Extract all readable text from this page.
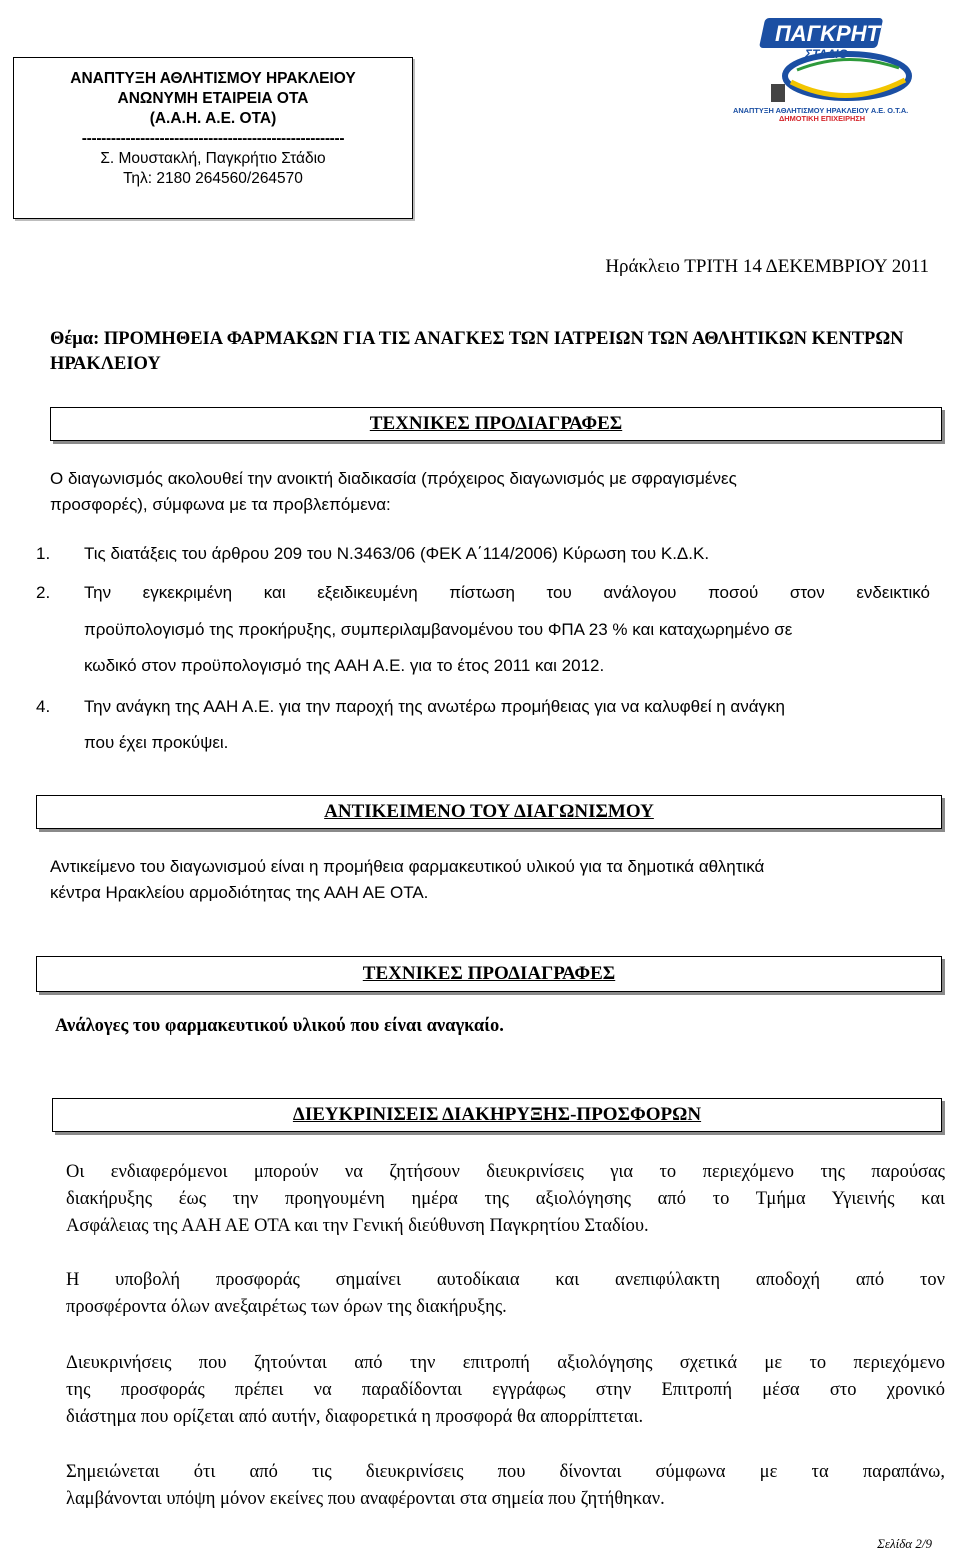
ΑΝΑΠΤΥΞΗ ΑΘΛΗΤΙΣΜΟΥ ΗΡΑΚΛΕΙΟΥ
ΑΝΩΝΥΜΗ ΕΤΑΙΡΕΙΑ ΟΤΑ
(Α.Α.Η. Α.Ε. ΟΤΑ)
------------------------------------------------------
Σ. Μουστακλή, Παγκρήτιο Στάδιο
Τηλ: 2180 264560/264570
ΠΑΓΚΡΗΤΙΟ
ΣΤΑΔΙΟ
ΑΝΑΠΤΥΞΗ ΑΘΛΗΤΙΣΜΟΥ ΗΡΑΚΛΕΙΟΥ Α.Ε. Ο.Τ.Α.
ΔΗΜΟΤΙΚΗ ΕΠΙΧΕΙΡΗΣΗ
Ηράκλειο ΤΡΙΤΗ 14 ΔΕΚΕΜΒΡΙΟΥ 2011
Θέμα: ΠΡΟΜΗΘΕΙΑ ΦΑΡΜΑΚΩΝ ΓΙΑ ΤΙΣ ΑΝΑΓΚΕΣ ΤΩΝ ΙΑΤΡΕΙΩΝ ΤΩΝ ΑΘΛΗΤΙΚΩΝ ΚΕΝΤΡΩΝ ΗΡΑΚΛΕΙΟΥ
ΤΕΧΝΙΚΕΣ ΠΡΟΔΙΑΓΡΑΦΕΣ
Ο διαγωνισμός ακολουθεί την ανοικτή διαδικασία (πρόχειρος διαγωνισμός με σφραγισμένες
προσφορές), σύμφωνα με τα προβλεπόμενα:
1. Τις διατάξεις του άρθρου 209 του Ν.3463/06 (ΦΕΚ Α΄114/2006) Κύρωση του Κ.Δ.Κ.
2. Την εγκεκριμένη και εξειδικευμένη πίστωση του ανάλογου ποσού στον ενδεικτικό
προϋπολογισμό της προκήρυξης, συμπεριλαμβανομένου του ΦΠΑ 23 % και καταχωρημένο σε
κωδικό στον προϋπολογισμό της ΑΑΗ Α.Ε. για το έτος 2011 και 2012.
4. Την ανάγκη της ΑΑΗ Α.Ε. για την παροχή της ανωτέρω προμήθειας για να καλυφθεί η ανάγκη
που έχει προκύψει.
ΑΝΤΙΚΕΙΜΕΝΟ ΤΟΥ ΔΙΑΓΩΝΙΣΜΟΥ
Αντικείμενο του διαγωνισμού είναι η προμήθεια φαρμακευτικού υλικού για τα δημοτικά αθλητικά
κέντρα Ηρακλείου αρμοδιότητας της ΑΑΗ ΑΕ ΟΤΑ.
ΤΕΧΝΙΚΕΣ ΠΡΟΔΙΑΓΡΑΦΕΣ
Ανάλογες του φαρμακευτικού υλικού που είναι αναγκαίο.
ΔΙΕΥΚΡΙΝΙΣΕΙΣ ΔΙΑΚΗΡΥΞΗΣ-ΠΡΟΣΦΟΡΩΝ
Οι ενδιαφερόμενοι μπορούν να ζητήσουν διευκρινίσεις για το περιεχόμενο της παρούσας
διακήρυξης έως την προηγουμένη ημέρα της αξιολόγησης από το Τμήμα Υγιεινής και
Ασφάλειας της ΑΑΗ ΑΕ ΟΤΑ και την Γενική διεύθυνση Παγκρητίου Σταδίου.
Η υποβολή προσφοράς σημαίνει αυτοδίκαια και ανεπιφύλακτη αποδοχή από τον
προσφέροντα όλων ανεξαιρέτως των όρων της διακήρυξης.
Διευκρινήσεις που ζητούνται από την επιτροπή αξιολόγησης σχετικά με το περιεχόμενο
της προσφοράς πρέπει να παραδίδονται εγγράφως στην Επιτροπή μέσα στο χρονικό
διάστημα που ορίζεται από αυτήν, διαφορετικά η προσφορά θα απορρίπτεται.
Σημειώνεται ότι από τις διευκρινίσεις που δίνονται σύμφωνα με τα παραπάνω,
λαμβάνονται υπόψη μόνον εκείνες που αναφέρονται στα σημεία που ζητήθηκαν.
Σελίδα 2/9
